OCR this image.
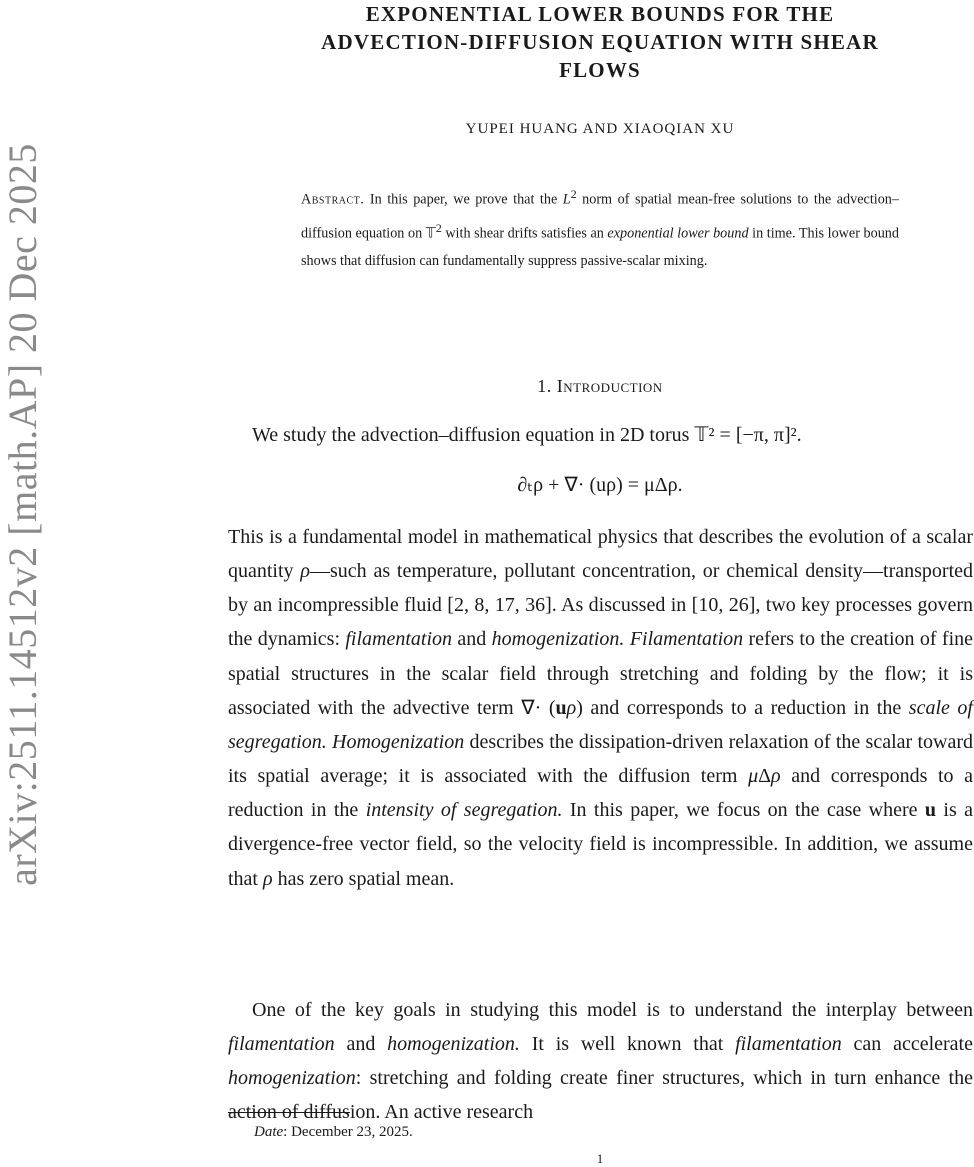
arXiv:2511.14512v2 [math.AP] 20 Dec 2025
EXPONENTIAL LOWER BOUNDS FOR THE
ADVECTION-DIFFUSION EQUATION WITH SHEAR
FLOWS
YUPEI HUANG AND XIAOQIAN XU
Abstract. In this paper, we prove that the $L^2$ norm of spatial mean-free solutions to the advection–diffusion equation on 𝕋$^2$ with shear drifts satisfies an exponential lower bound in time. This lower bound shows that diffusion can fundamentally suppress passive-scalar mixing.
1. Introduction
We study the advection–diffusion equation in 2D torus 𝕋² = [−π, π]².
∂ₜρ + ∇· (uρ) = μΔρ.

This is a fundamental model in mathematical physics that describes the evolution of a scalar quantity ρ—such as temperature, pollutant concentration, or chemical density—transported by an incompressible fluid [2, 8, 17, 36]. As discussed in [10, 26], two key processes govern the dynamics: filamentation and homogenization. Filamentation refers to the creation of fine spatial structures in the scalar field through stretching and folding by the flow; it is associated with the advective term ∇· (uρ) and corresponds to a reduction in the scale of segregation. Homogenization describes the dissipation-driven relaxation of the scalar toward its spatial average; it is associated with the diffusion term μΔρ and corresponds to a reduction in the intensity of segregation. In this paper, we focus on the case where u is a divergence-free vector field, so the velocity field is incompressible. In addition, we assume that ρ has zero spatial mean.

One of the key goals in studying this model is to understand the interplay between filamentation and homogenization. It is well known that filamentation can accelerate homogenization: stretching and folding create finer structures, which in turn enhance the action of diffusion. An active research

Date: December 23, 2025.
1
